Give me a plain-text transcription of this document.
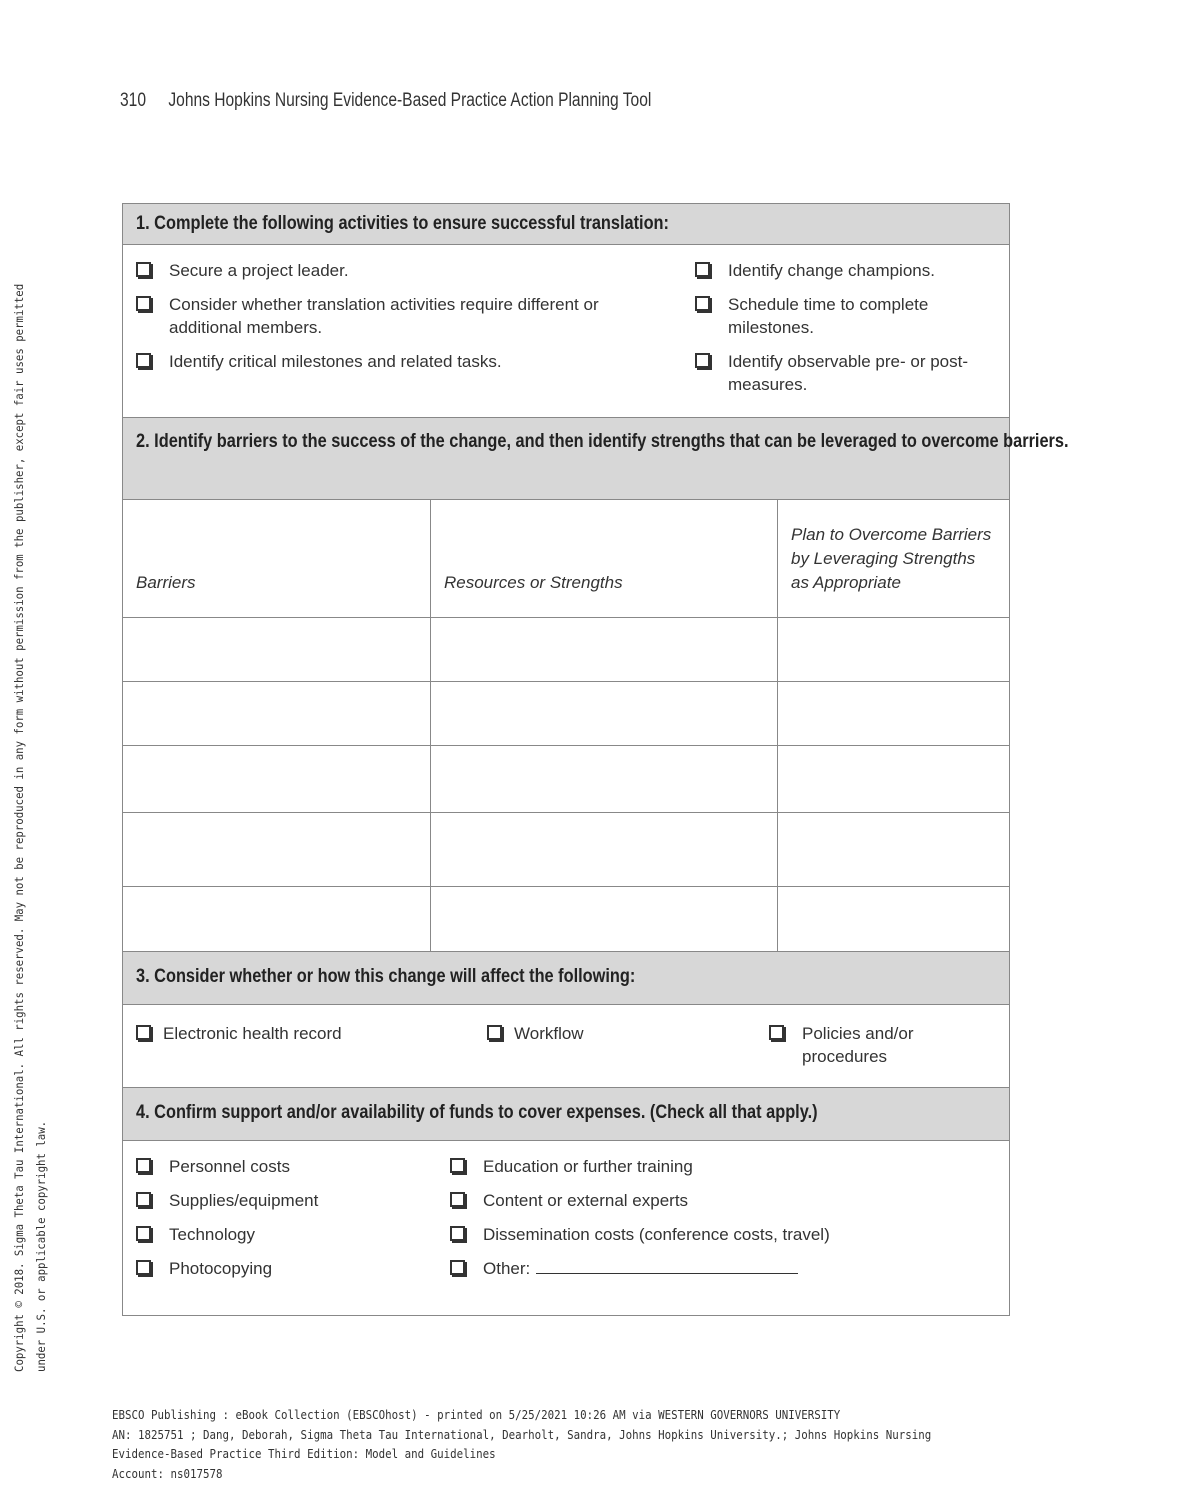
310 Johns Hopkins Nursing Evidence-Based Practice Action Planning Tool
Copyright © 2018. Sigma Theta Tau International. All rights reserved. May not be reproduced in any form without permission from the publisher, except fair uses permitted under U.S. or applicable copyright law.
1. Complete the following activities to ensure successful translation:
Secure a project leader.
Consider whether translation activities require different or additional members.
Identify critical milestones and related tasks.
Identify change champions.
Schedule time to complete milestones.
Identify observable pre- or post-measures.
2. Identify barriers to the success of the change, and then identify strengths that can be leveraged to overcome barriers.
Barriers	Resources or Strengths	Plan to Overcome Barriers by Leveraging Strengths as Appropriate

3. Consider whether or how this change will affect the following:
Electronic health record	Workflow	Policies and/or procedures
4. Confirm support and/or availability of funds to cover expenses. (Check all that apply.)
Personnel costs
Supplies/equipment
Technology
Photocopying
Education or further training
Content or external experts
Dissemination costs (conference costs, travel)
Other:
EBSCO Publishing : eBook Collection (EBSCOhost) - printed on 5/25/2021 10:26 AM via WESTERN GOVERNORS UNIVERSITY
AN: 1825751 ; Dang, Deborah, Sigma Theta Tau International, Dearholt, Sandra, Johns Hopkins University.; Johns Hopkins Nursing
Evidence-Based Practice Third Edition: Model and Guidelines
Account: ns017578
